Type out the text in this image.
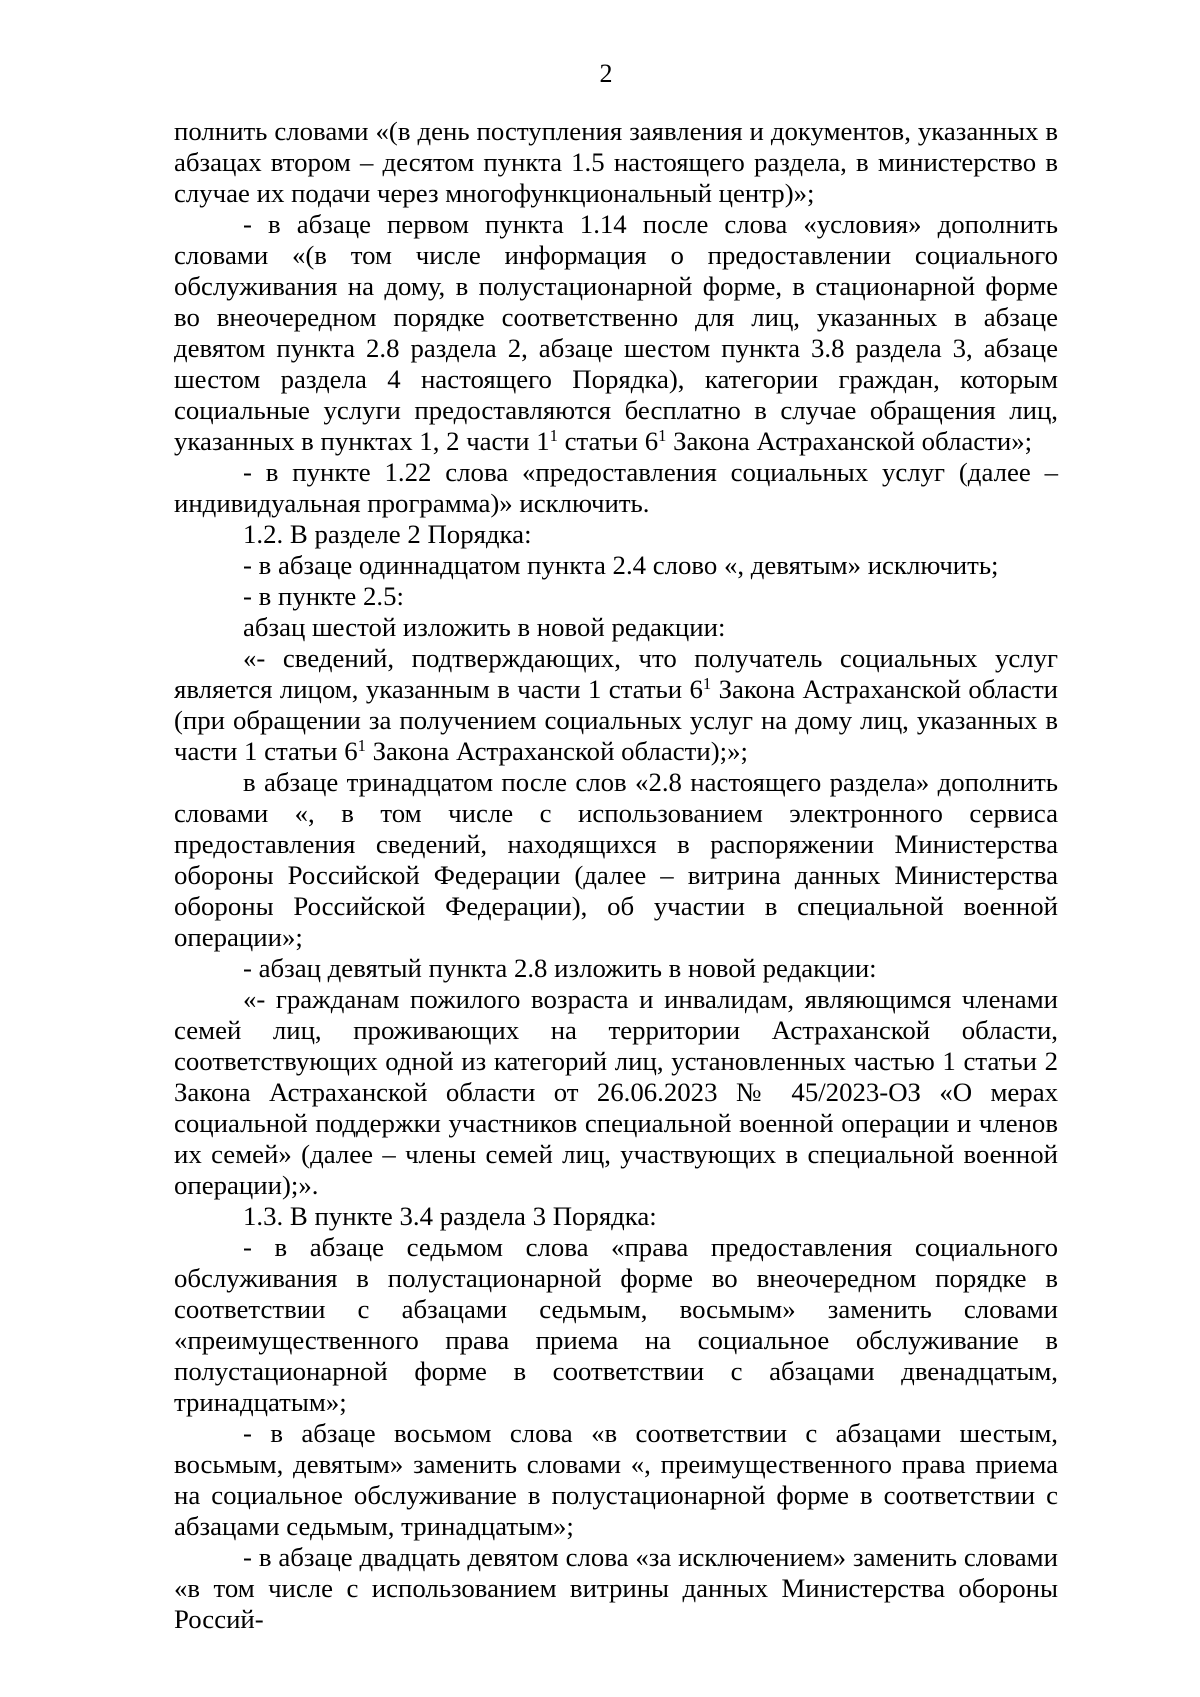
2

полнить словами «(в день поступления заявления и документов, указанных в абзацах втором – десятом пункта 1.5 настоящего раздела, в министерство в случае их подачи через многофункциональный центр)»;

- в абзаце первом пункта 1.14 после слова «условия» дополнить словами «(в том числе информация о предоставлении социального обслуживания на дому, в полустационарной форме, в стационарной форме во внеочередном порядке соответственно для лиц, указанных в абзаце девятом пункта 2.8 раздела 2, абзаце шестом пункта 3.8 раздела 3, абзаце шестом раздела 4 настоящего Порядка), категории граждан, которым социальные услуги предоставляются бесплатно в случае обращения лиц, указанных в пунктах 1, 2 части $1^1$ статьи $6^1$ Закона Астраханской области»;

- в пункте 1.22 слова «предоставления социальных услуг (далее – индивидуальная программа)» исключить.

1.2. В разделе 2 Порядка:

- в абзаце одиннадцатом пункта 2.4 слово «, девятым» исключить;

- в пункте 2.5:

абзац шестой изложить в новой редакции:

«- сведений, подтверждающих, что получатель социальных услуг является лицом, указанным в части 1 статьи $6^1$ Закона Астраханской области (при обращении за получением социальных услуг на дому лиц, указанных в части 1 статьи $6^1$ Закона Астраханской области);»;

в абзаце тринадцатом после слов «2.8 настоящего раздела» дополнить словами «, в том числе с использованием электронного сервиса предоставления сведений, находящихся в распоряжении Министерства обороны Российской Федерации (далее – витрина данных Министерства обороны Российской Федерации), об участии в специальной военной операции»;

- абзац девятый пункта 2.8 изложить в новой редакции:

«- гражданам пожилого возраста и инвалидам, являющимся членами семей лиц, проживающих на территории Астраханской области, соответствующих одной из категорий лиц, установленных частью 1 статьи 2 Закона Астраханской области от 26.06.2023 № 45/2023-ОЗ «О мерах социальной поддержки участников специальной военной операции и членов их семей» (далее – члены семей лиц, участвующих в специальной военной операции);».

1.3. В пункте 3.4 раздела 3 Порядка:

- в абзаце седьмом слова «права предоставления социального обслуживания в полустационарной форме во внеочередном порядке в соответствии с абзацами седьмым, восьмым» заменить словами «преимущественного права приема на социальное обслуживание в полустационарной форме в соответствии с абзацами двенадцатым, тринадцатым»;

- в абзаце восьмом слова «в соответствии с абзацами шестым, восьмым, девятым» заменить словами «, преимущественного права приема на социальное обслуживание в полустационарной форме в соответствии с абзацами седьмым, тринадцатым»;

- в абзаце двадцать девятом слова «за исключением» заменить словами «в том числе с использованием витрины данных Министерства обороны Россий-
